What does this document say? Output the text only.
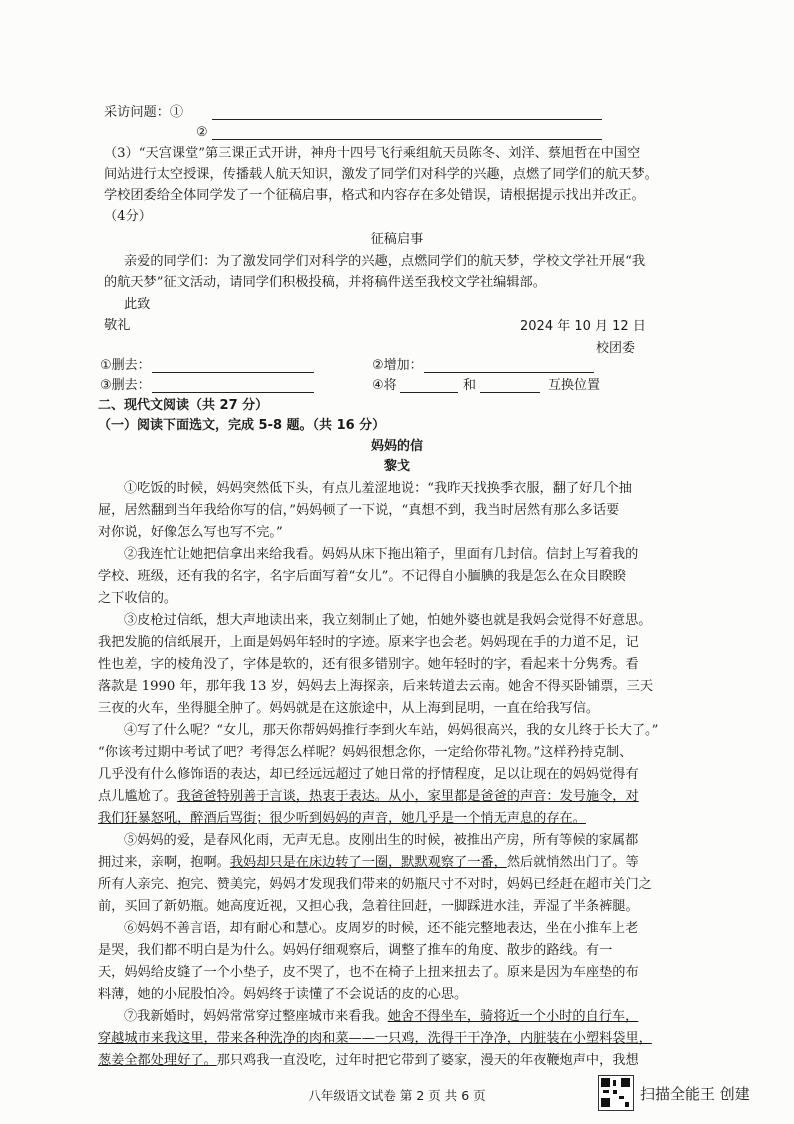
采访问题：①
②
（3）“天宫课堂”第三课正式开讲，神舟十四号飞行乘组航天员陈冬、刘洋、蔡旭哲在中国空
间站进行太空授课，传播载人航天知识，激发了同学们对科学的兴趣，点燃了同学们的航天梦。
学校团委给全体同学发了一个征稿启事，格式和内容存在多处错误，请根据提示找出并改正。
（4分）
征稿启事
亲爱的同学们：为了激发同学们对科学的兴趣，点燃同学们的航天梦，学校文学社开展“我
的航天梦”征文活动，请同学们积极投稿，并将稿件送至我校文学社编辑部。
此致
敬礼	2024 年 10 月 12 日
校团委
①删去：	②增加：
③删去：	④将	和	互换位置
二、现代文阅读（共 27 分）
（一）阅读下面选文，完成 5-8 题。（共 16 分）
妈妈的信
黎戈
①吃饭的时候，妈妈突然低下头，有点儿羞涩地说：“我昨天找换季衣服，翻了好几个抽
屉，居然翻到当年我给你写的信，”妈妈顿了一下说，“真想不到，我当时居然有那么多话要
对你说，好像怎么写也写不完。”
②我连忙让她把信拿出来给我看。妈妈从床下拖出箱子，里面有几封信。信封上写着我的
学校、班级，还有我的名字，名字后面写着“女儿”。不记得自小腼腆的我是怎么在众目睽睽
之下收信的。
③皮枪过信纸，想大声地读出来，我立刻制止了她，怕她外婆也就是我妈会觉得不好意思。
我把发脆的信纸展开，上面是妈妈年轻时的字迹。原来字也会老。妈妈现在手的力道不足，记
性也差，字的棱角没了，字体是软的，还有很多错别字。她年轻时的字，看起来十分隽秀。看
落款是 1990 年，那年我 13 岁，妈妈去上海探亲，后来转道去云南。她舍不得买卧铺票，三天
三夜的火车，坐得腿全肿了。妈妈就是在这旅途中，从上海到昆明，一直在给我写信。
④写了什么呢？“女儿，那天你帮妈妈推行李到火车站，妈妈很高兴，我的女儿终于长大了。”
“你该考过期中考试了吧？考得怎么样呢？妈妈很想念你，一定给你带礼物。”这样矜持克制、
几乎没有什么修饰语的表达，却已经远远超过了她日常的抒情程度，足以让现在的妈妈觉得有
点儿尴尬了。我爸爸特别善于言谈，热衷于表达。从小，家里都是爸爸的声音：发号施令，对
我们狂暴怒吼，醉酒后骂街；很少听到妈妈的声音，她几乎是一个悄无声息的存在。
⑤妈妈的爱，是春风化雨，无声无息。皮刚出生的时候，被推出产房，所有等候的家属都
拥过来，亲啊，抱啊。我妈却只是在床边转了一圈，默默观察了一番，然后就悄然出门了。等
所有人亲完、抱完、赞美完，妈妈才发现我们带来的奶瓶尺寸不对时，妈妈已经赶在超市关门之
前，买回了新奶瓶。她高度近视，又担心我，急着往回赶，一脚踩进水洼，弄湿了半条裤腿。
⑥妈妈不善言语，却有耐心和慧心。皮周岁的时候，还不能完整地表达，坐在小推车上老
是哭，我们都不明白是为什么。妈妈仔细观察后，调整了推车的角度、散步的路线。有一
天，妈妈给皮缝了一个小垫子，皮不哭了，也不在椅子上扭来扭去了。原来是因为车座垫的布
料薄，她的小屁股怕冷。妈妈终于读懂了不会说话的皮的心思。
⑦我新婚时，妈妈常常穿过整座城市来看我。她舍不得坐车，骑将近一个小时的自行车，
穿越城市来我这里，带来各种洗净的肉和菜——一只鸡，洗得干干净净，内脏装在小塑料袋里，
葱姜全都处理好了。那只鸡我一直没吃，过年时把它带到了婆家，漫天的年夜鞭炮声中，我想
八年级语文试卷 第 2 页 共 6 页	扫描全能王 创建
